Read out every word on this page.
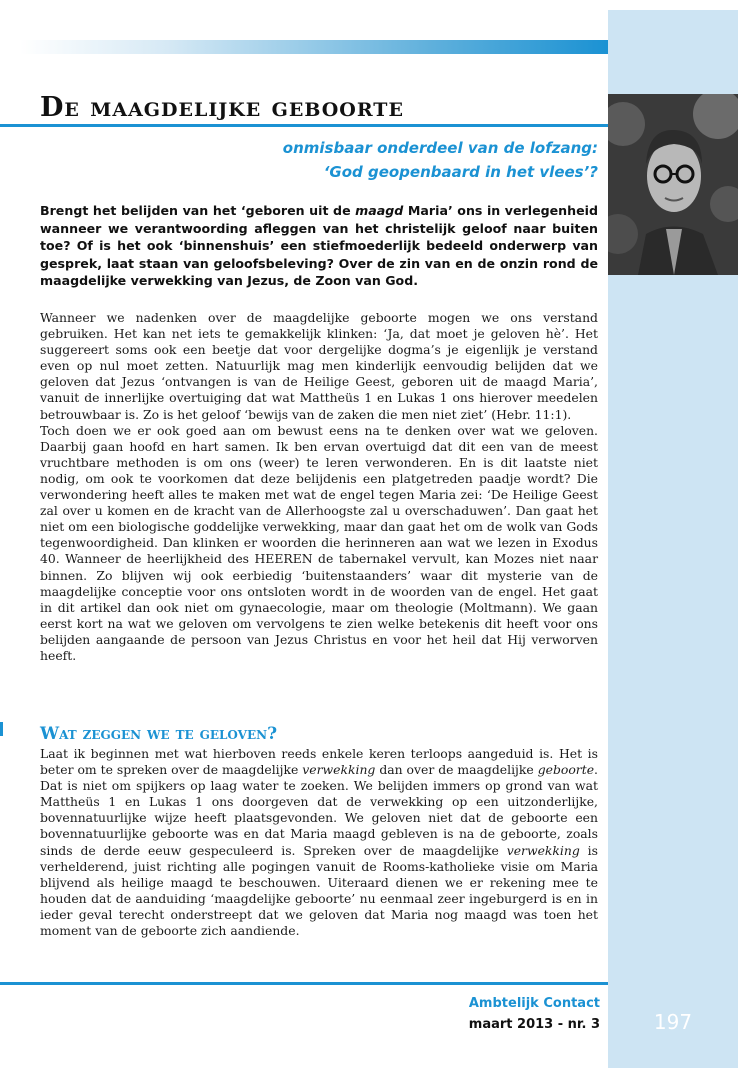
De maagdelijke geboorte
onmisbaar onderdeel van de lofzang:
‘God geopenbaard in het vlees’?

Brengt het belijden van het ‘geboren uit de maagd Maria’ ons in verlegenheid wanneer we verantwoording afleggen van het christelijk geloof naar buiten toe? Of is het ook ‘binnenshuis’ een stiefmoederlijk bedeeld onderwerp van gesprek, laat staan van geloofsbeleving? Over de zin van en de onzin rond de maagdelijke verwekking van Jezus, de Zoon van God.

Wanneer we nadenken over de maagdelijke geboorte mogen we ons verstand gebruiken. Het kan net iets te gemakkelijk klinken: ‘Ja, dat moet je geloven hè’. Het suggereert soms ook een beetje dat voor dergelijke dogma’s je eigenlijk je verstand even op nul moet zetten. Natuurlijk mag men kinderlijk eenvoudig belijden dat we geloven dat Jezus ‘ontvangen is van de Heilige Geest, geboren uit de maagd Maria’, vanuit de innerlijke overtuiging dat wat Mattheüs 1 en Lukas 1 ons hierover meedelen betrouwbaar is. Zo is het geloof ‘bewijs van de zaken die men niet ziet’ (Hebr. 11:1).

Toch doen we er ook goed aan om bewust eens na te denken over wat we geloven. Daarbij gaan hoofd en hart samen. Ik ben ervan overtuigd dat dit een van de meest vruchtbare methoden is om ons (weer) te leren verwonderen. En is dit laatste niet nodig, om ook te voorkomen dat deze belijdenis een platgetreden paadje wordt? Die verwondering heeft alles te maken met wat de engel tegen Maria zei: ‘De Heilige Geest zal over u komen en de kracht van de Allerhoogste zal u overschaduwen’. Dan gaat het niet om een biologische goddelijke verwekking, maar dan gaat het om de wolk van Gods tegenwoordigheid. Dan klinken er woorden die herinneren aan wat we lezen in Exodus 40. Wanneer de heerlijkheid des HEEREN de tabernakel vervult, kan Mozes niet naar binnen. Zo blijven wij ook eerbiedig ‘buitenstaanders’ waar dit mysterie van de maagdelijke conceptie voor ons ontsloten wordt in de woorden van de engel. Het gaat in dit artikel dan ook niet om gynaecologie, maar om theologie (Moltmann). We gaan eerst kort na wat we geloven om vervolgens te zien welke betekenis dit heeft voor ons belijden aangaande de persoon van Jezus Christus en voor het heil dat Hij verworven heeft.

Wat zeggen we te geloven?

Laat ik beginnen met wat hierboven reeds enkele keren terloops aangeduid is. Het is beter om te spreken over de maagdelijke verwekking dan over de maagdelijke geboorte. Dat is niet om spijkers op laag water te zoeken. We belijden immers op grond van wat Mattheüs 1 en Lukas 1 ons doorgeven dat de verwekking op een uitzonderlijke, bovennatuurlijke wijze heeft plaatsgevonden. We geloven niet dat de geboorte een bovennatuurlijke geboorte was en dat Maria maagd gebleven is na de geboorte, zoals sinds de derde eeuw gespeculeerd is. Spreken over de maagdelijke verwekking is verhelderend, juist richting alle pogingen vanuit de Rooms-katholieke visie om Maria blijvend als heilige maagd te beschouwen. Uiteraard dienen we er rekening mee te houden dat de aanduiding ‘maagdelijke geboorte’ nu eenmaal zeer ingeburgerd is en in ieder geval terecht onderstreept dat we geloven dat Maria nog maagd was toen het moment van de geboorte zich aandiende.

Ambtelijk Contact
maart 2013 - nr. 3	197
